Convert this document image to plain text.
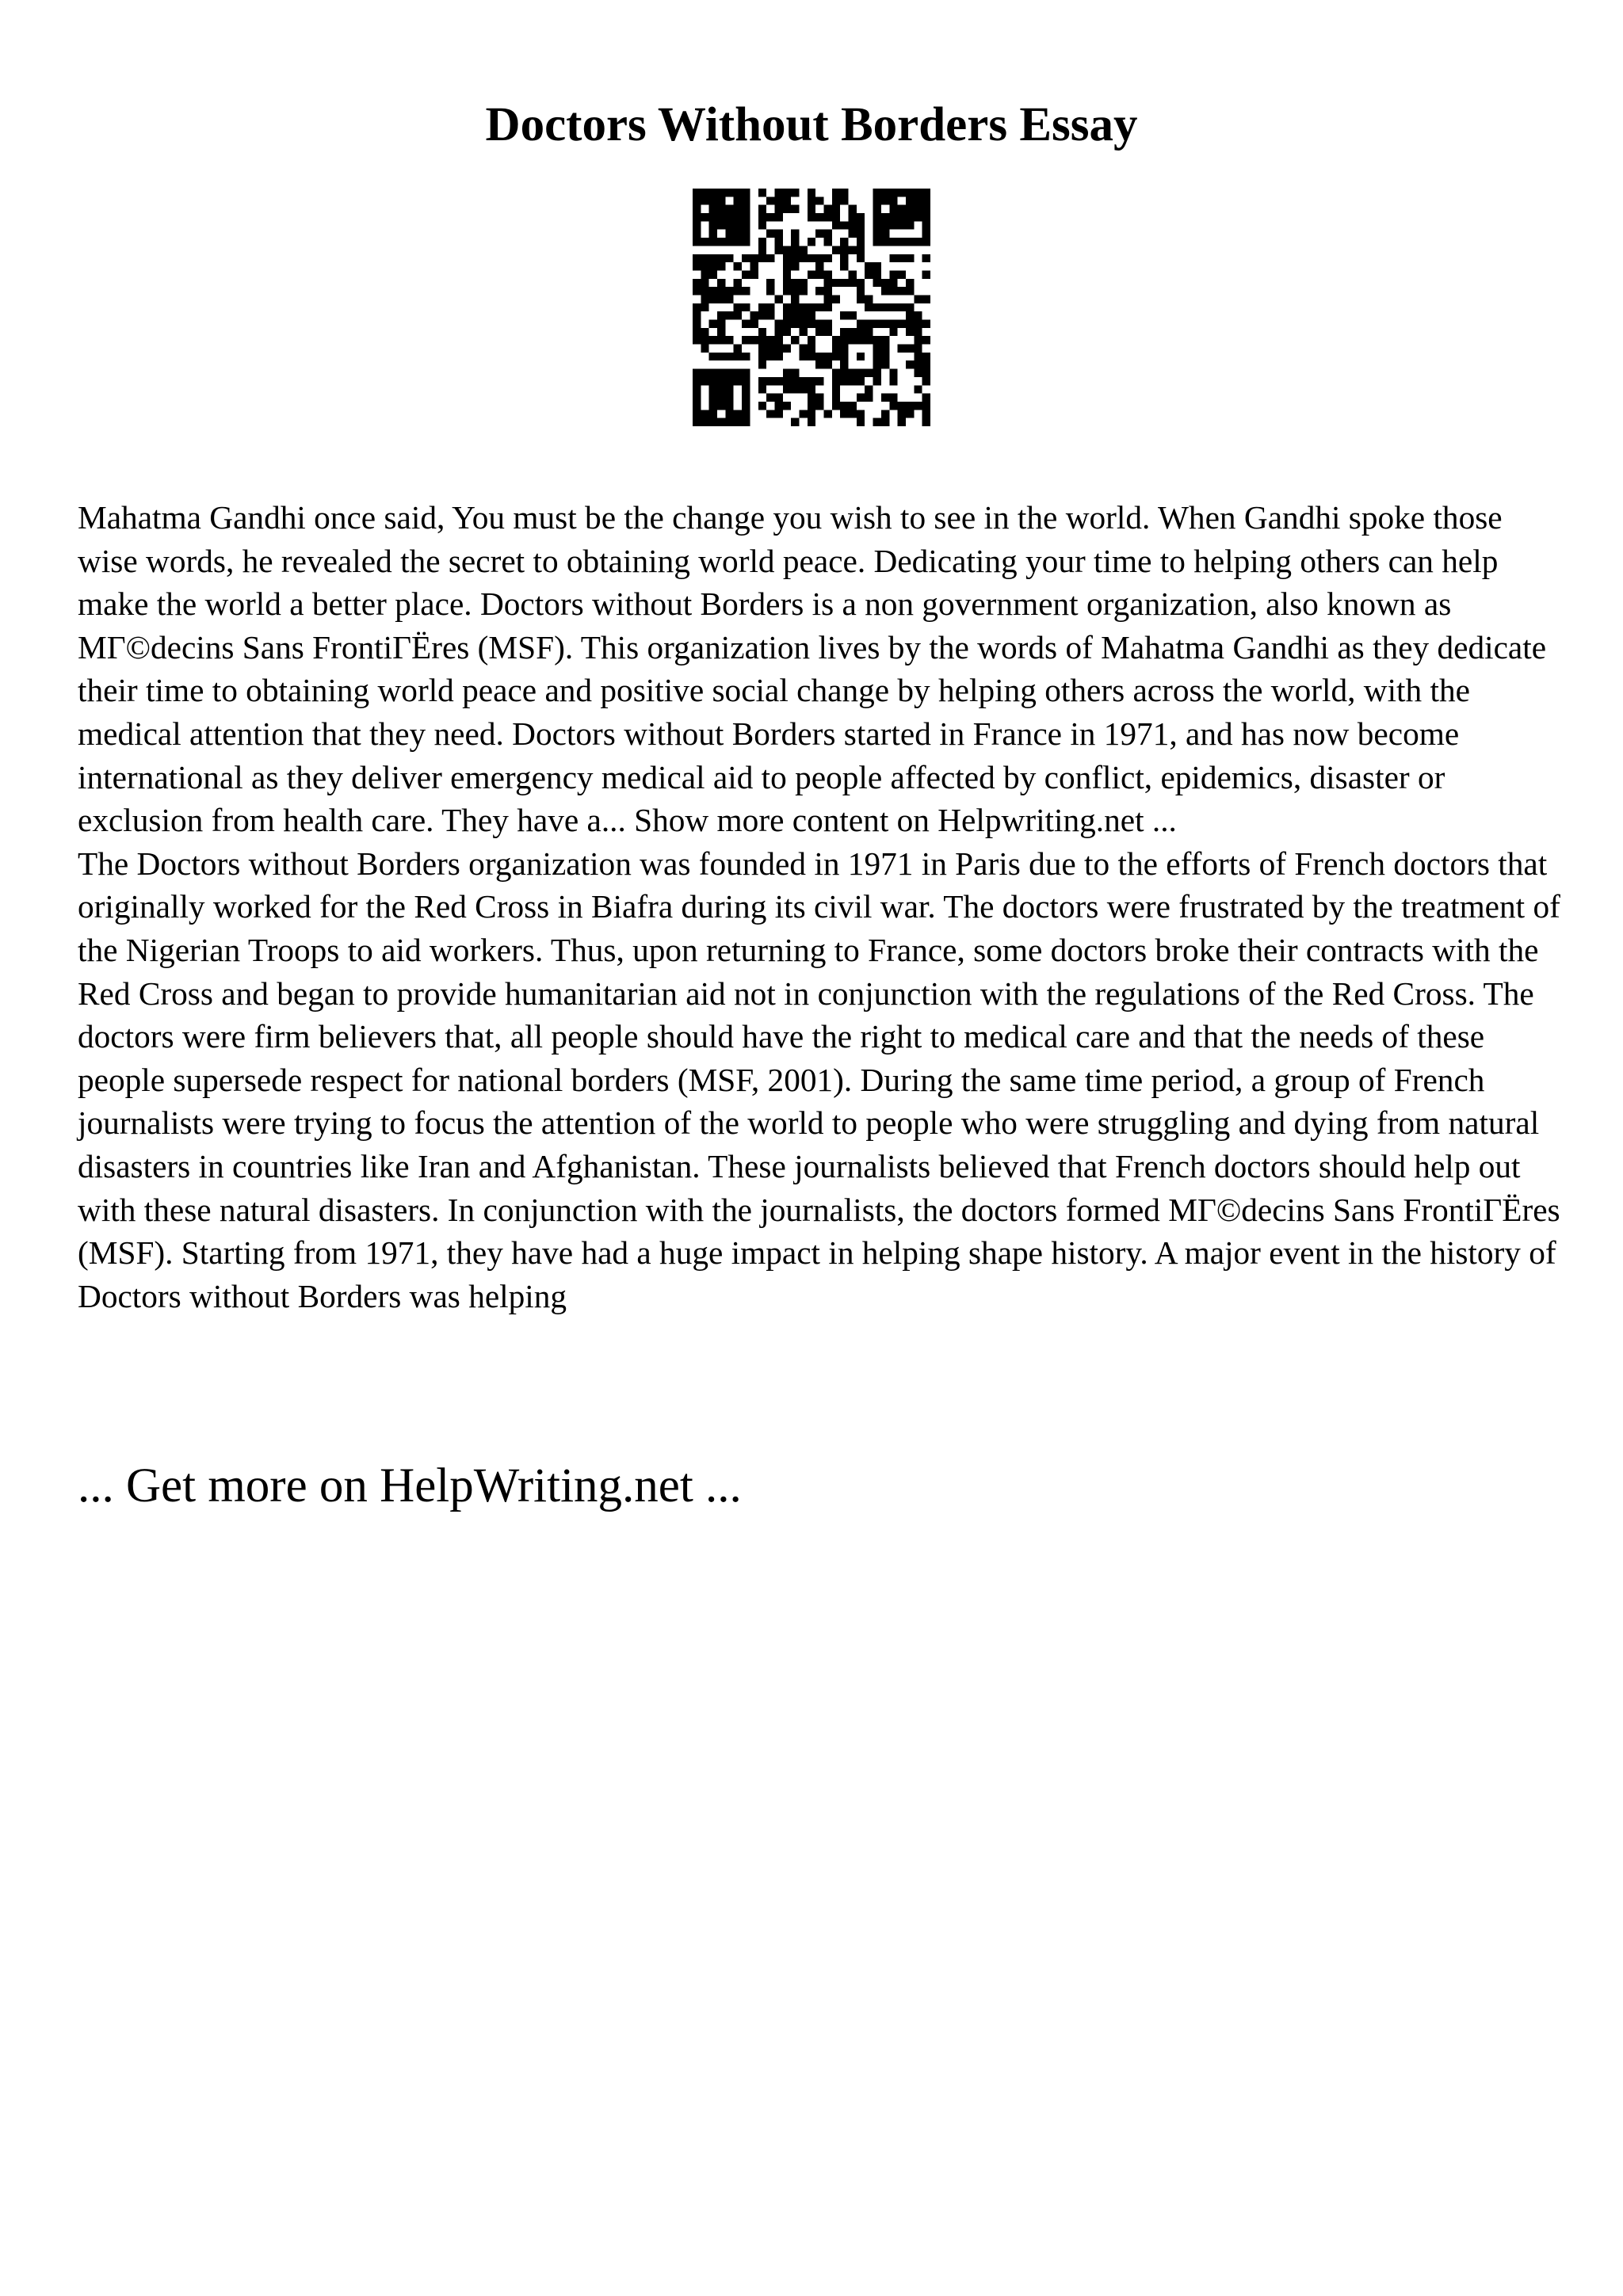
Doctors Without Borders Essay

Mahatma Gandhi once said, You must be the change you wish to see in the world. When Gandhi spoke those wise words, he revealed the secret to obtaining world peace. Dedicating your time to helping others can help make the world a better place. Doctors without Borders is a non government organization, also known as MΓ©decins Sans FrontiΓЁres (MSF). This organization lives by the words of Mahatma Gandhi as they dedicate their time to obtaining world peace and positive social change by helping others across the world, with the medical attention that they need. Doctors without Borders started in France in 1971, and has now become international as they deliver emergency medical aid to people affected by conflict, epidemics, disaster or exclusion from health care. They have a... Show more content on Helpwriting.net ...

The Doctors without Borders organization was founded in 1971 in Paris due to the efforts of French doctors that originally worked for the Red Cross in Biafra during its civil war. The doctors were frustrated by the treatment of the Nigerian Troops to aid workers. Thus, upon returning to France, some doctors broke their contracts with the Red Cross and began to provide humanitarian aid not in conjunction with the regulations of the Red Cross. The doctors were firm believers that, all people should have the right to medical care and that the needs of these people supersede respect for national borders (MSF, 2001). During the same time period, a group of French journalists were trying to focus the attention of the world to people who were struggling and dying from natural disasters in countries like Iran and Afghanistan. These journalists believed that French doctors should help out with these natural disasters. In conjunction with the journalists, the doctors formed MΓ©decins Sans FrontiΓЁres (MSF). Starting from 1971, they have had a huge impact in helping shape history. A major event in the history of Doctors without Borders was helping

... Get more on HelpWriting.net ...
